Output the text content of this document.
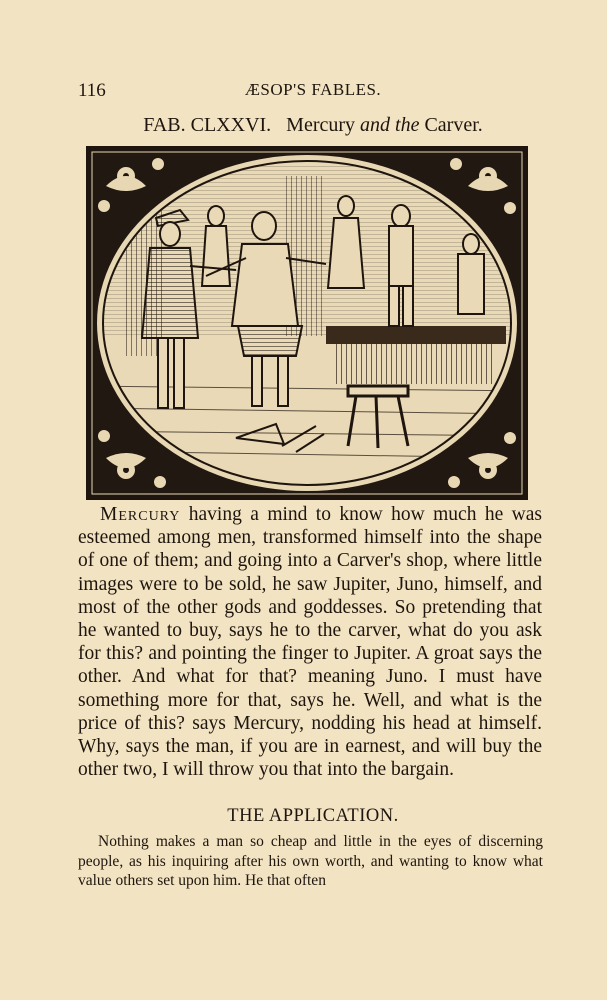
116	ÆSOP'S FABLES.
FAB. CLXXVI. Mercury and the Carver.

Mercury having a mind to know how much he was esteemed among men, transformed himself into the shape of one of them; and going into a Carver's shop, where little images were to be sold, he saw Jupiter, Juno, himself, and most of the other gods and goddesses. So pretending that he wanted to buy, says he to the carver, what do you ask for this? and pointing the finger to Jupiter. A groat says the other. And what for that? meaning Juno. I must have something more for that, says he. Well, and what is the price of this? says Mercury, nodding his head at himself. Why, says the man, if you are in earnest, and will buy the other two, I will throw you that into the bargain.

THE APPLICATION.

Nothing makes a man so cheap and little in the eyes of discerning people, as his inquiring after his own worth, and wanting to know what value others set upon him. He that often
